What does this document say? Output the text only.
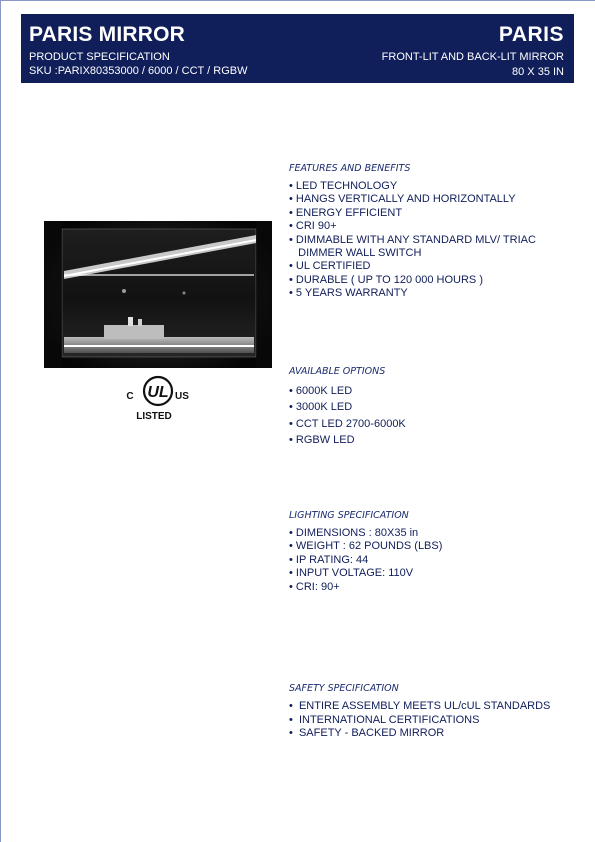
PARIS MIRROR
PRODUCT SPECIFICATION
SKU :PARIX80353000 / 6000 / CCT / RGBW
PARIS
FRONT-LIT AND BACK-LIT MIRROR
80 X 35 IN
UL
C	US
LISTED
FEATURES AND BENEFITS
• LED TECHNOLOGY
• HANGS VERTICALLY AND HORIZONTALLY
• ENERGY EFFICIENT
• CRI 90+
• DIMMABLE WITH ANY STANDARD MLV/ TRIAC
DIMMER WALL SWITCH
• UL CERTIFIED
• DURABLE ( UP TO 120 000 HOURS )
• 5 YEARS WARRANTY
AVAILABLE OPTIONS
• 6000K LED
• 3000K LED
• CCT LED 2700-6000K
• RGBW LED
LIGHTING SPECIFICATION
• DIMENSIONS : 80X35 in
• WEIGHT : 62 POUNDS (LBS)
• IP RATING: 44
• INPUT VOLTAGE: 110V
• CRI: 90+
SAFETY SPECIFICATION
•  ENTIRE ASSEMBLY MEETS UL/cUL STANDARDS
•  INTERNATIONAL CERTIFICATIONS
•  SAFETY - BACKED MIRROR
